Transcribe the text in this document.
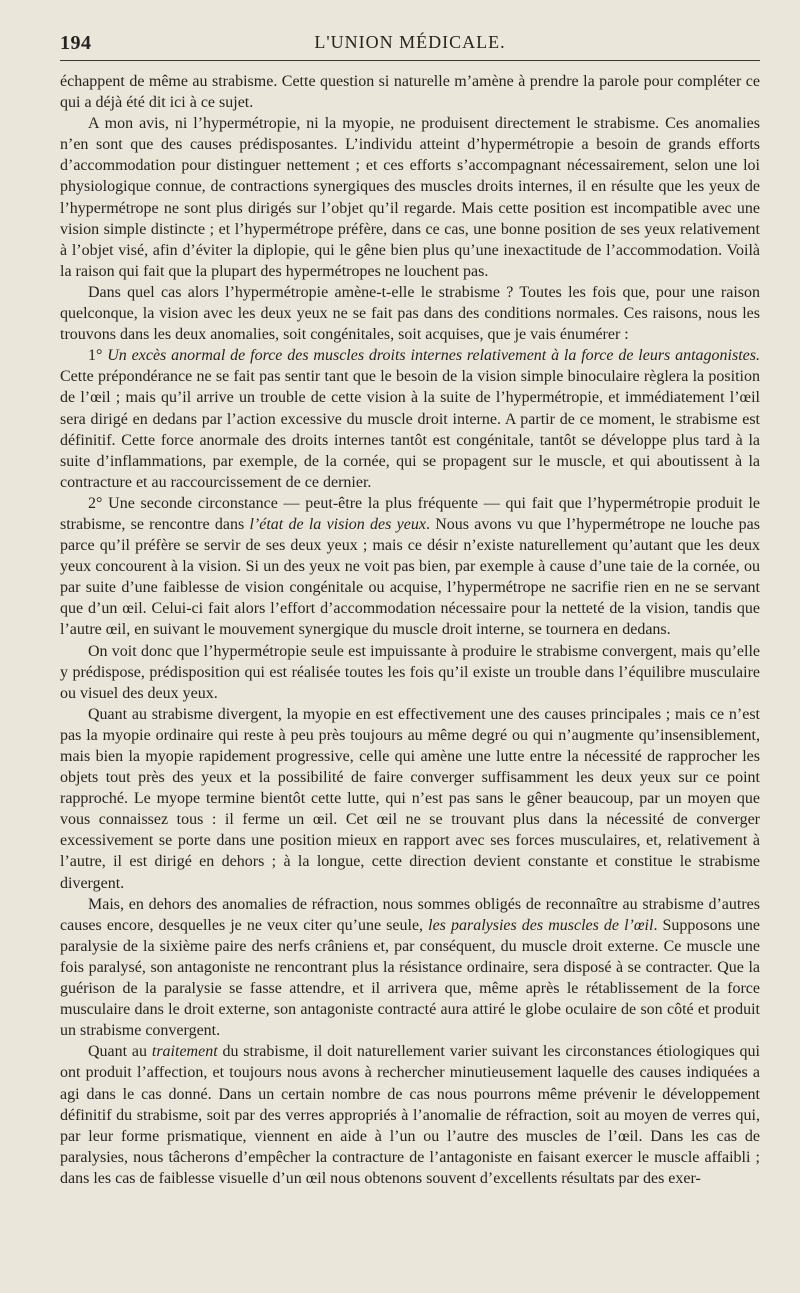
194	L'UNION MÉDICALE.

échappent de même au strabisme. Cette question si naturelle m’amène à prendre la parole pour compléter ce qui a déjà été dit ici à ce sujet.

A mon avis, ni l’hypermétropie, ni la myopie, ne produisent directement le strabisme. Ces anomalies n’en sont que des causes prédisposantes. L’individu atteint d’hypermétropie a besoin de grands efforts d’accommodation pour distinguer nettement ; et ces efforts s’accompagnant nécessairement, selon une loi physiologique connue, de contractions synergiques des muscles droits internes, il en résulte que les yeux de l’hypermétrope ne sont plus dirigés sur l’objet qu’il regarde. Mais cette position est incompatible avec une vision simple distincte ; et l’hypermétrope préfère, dans ce cas, une bonne position de ses yeux relativement à l’objet visé, afin d’éviter la diplopie, qui le gêne bien plus qu’une inexactitude de l’accommodation. Voilà la raison qui fait que la plupart des hypermétropes ne louchent pas.

Dans quel cas alors l’hypermétropie amène-t-elle le strabisme ? Toutes les fois que, pour une raison quelconque, la vision avec les deux yeux ne se fait pas dans des conditions normales. Ces raisons, nous les trouvons dans les deux anomalies, soit congénitales, soit acquises, que je vais énumérer :

1° Un excès anormal de force des muscles droits internes relativement à la force de leurs antagonistes. Cette prépondérance ne se fait pas sentir tant que le besoin de la vision simple binoculaire règlera la position de l’œil ; mais qu’il arrive un trouble de cette vision à la suite de l’hypermétropie, et immédiatement l’œil sera dirigé en dedans par l’action excessive du muscle droit interne. A partir de ce moment, le strabisme est définitif. Cette force anormale des droits internes tantôt est congénitale, tantôt se développe plus tard à la suite d’inflammations, par exemple, de la cornée, qui se propagent sur le muscle, et qui aboutissent à la contracture et au raccourcissement de ce dernier.

2° Une seconde circonstance — peut-être la plus fréquente — qui fait que l’hypermétropie produit le strabisme, se rencontre dans l’état de la vision des yeux. Nous avons vu que l’hypermétrope ne louche pas parce qu’il préfère se servir de ses deux yeux ; mais ce désir n’existe naturellement qu’autant que les deux yeux concourent à la vision. Si un des yeux ne voit pas bien, par exemple à cause d’une taie de la cornée, ou par suite d’une faiblesse de vision congénitale ou acquise, l’hypermétrope ne sacrifie rien en ne se servant que d’un œil. Celui-ci fait alors l’effort d’accommodation nécessaire pour la netteté de la vision, tandis que l’autre œil, en suivant le mouvement synergique du muscle droit interne, se tournera en dedans.

On voit donc que l’hypermétropie seule est impuissante à produire le strabisme convergent, mais qu’elle y prédispose, prédisposition qui est réalisée toutes les fois qu’il existe un trouble dans l’équilibre musculaire ou visuel des deux yeux.

Quant au strabisme divergent, la myopie en est effectivement une des causes principales ; mais ce n’est pas la myopie ordinaire qui reste à peu près toujours au même degré ou qui n’augmente qu’insensiblement, mais bien la myopie rapidement progressive, celle qui amène une lutte entre la nécessité de rapprocher les objets tout près des yeux et la possibilité de faire converger suffisamment les deux yeux sur ce point rapproché. Le myope termine bientôt cette lutte, qui n’est pas sans le gêner beaucoup, par un moyen que vous connaissez tous : il ferme un œil. Cet œil ne se trouvant plus dans la nécessité de converger excessivement se porte dans une position mieux en rapport avec ses forces musculaires, et, relativement à l’autre, il est dirigé en dehors ; à la longue, cette direction devient constante et constitue le strabisme divergent.

Mais, en dehors des anomalies de réfraction, nous sommes obligés de reconnaître au strabisme d’autres causes encore, desquelles je ne veux citer qu’une seule, les paralysies des muscles de l’œil. Supposons une paralysie de la sixième paire des nerfs crâniens et, par conséquent, du muscle droit externe. Ce muscle une fois paralysé, son antagoniste ne rencontrant plus la résistance ordinaire, sera disposé à se contracter. Que la guérison de la paralysie se fasse attendre, et il arrivera que, même après le rétablissement de la force musculaire dans le droit externe, son antagoniste contracté aura attiré le globe oculaire de son côté et produit un strabisme convergent.

Quant au traitement du strabisme, il doit naturellement varier suivant les circonstances étiologiques qui ont produit l’affection, et toujours nous avons à rechercher minutieusement laquelle des causes indiquées a agi dans le cas donné. Dans un certain nombre de cas nous pourrons même prévenir le développement définitif du strabisme, soit par des verres appropriés à l’anomalie de réfraction, soit au moyen de verres qui, par leur forme prismatique, viennent en aide à l’un ou l’autre des muscles de l’œil. Dans les cas de paralysies, nous tâcherons d’empêcher la contracture de l’antagoniste en faisant exercer le muscle affaibli ; dans les cas de faiblesse visuelle d’un œil nous obtenons souvent d’excellents résultats par des exer-
